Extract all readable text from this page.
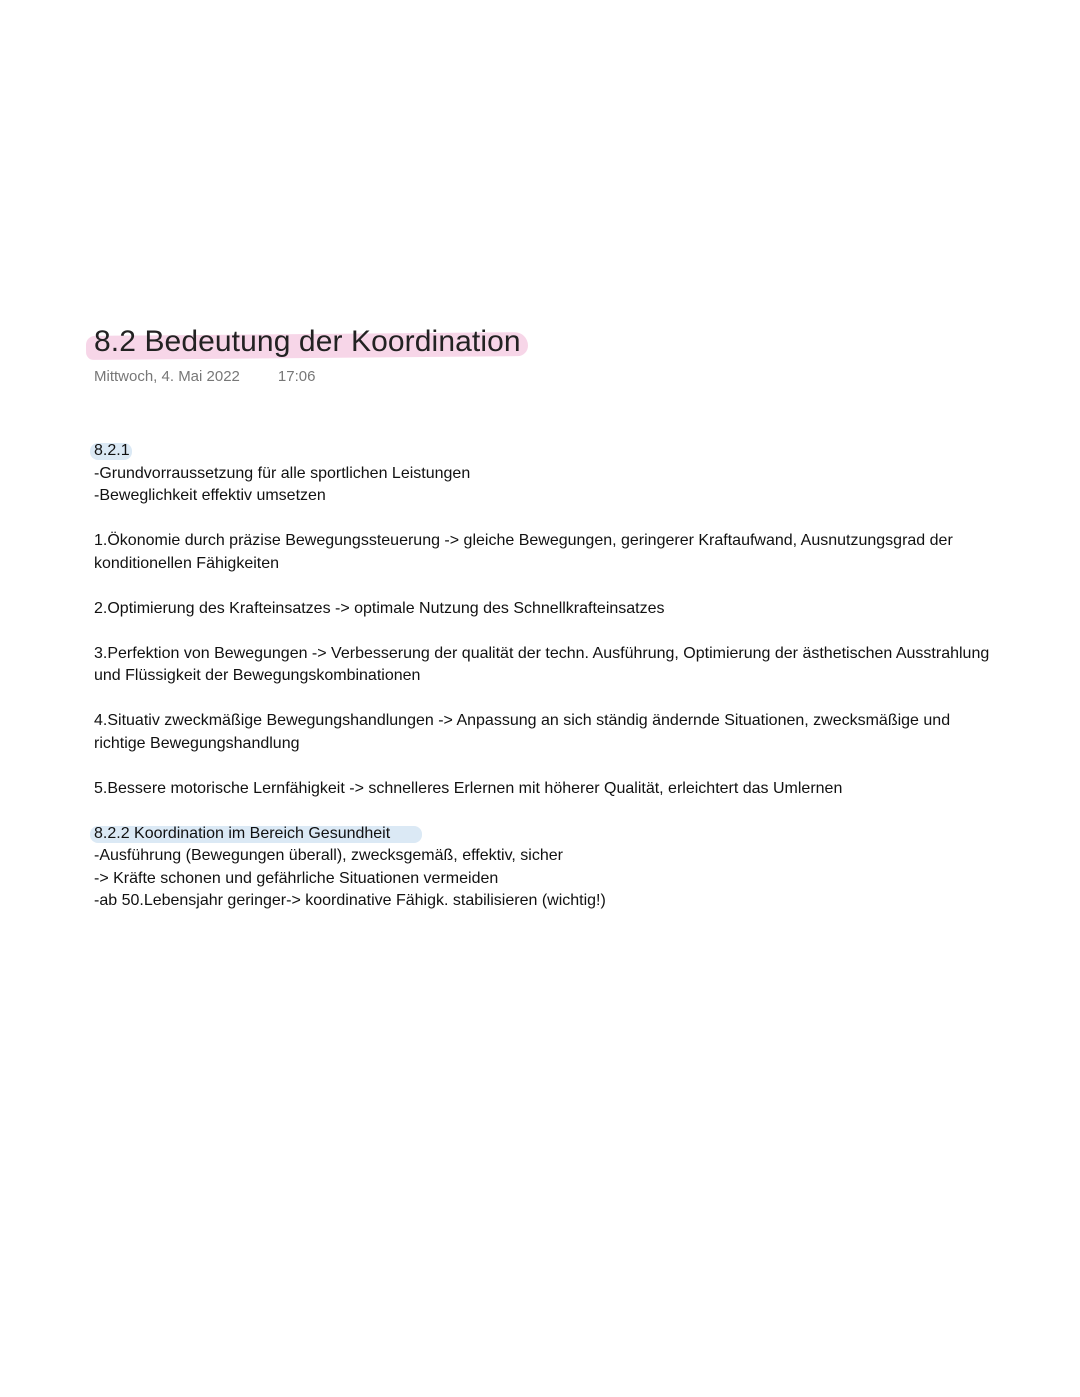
8.2 Bedeutung der Koordination
Mittwoch, 4. Mai 2022	17:06
8.2.1
-Grundvorraussetzung für alle sportlichen Leistungen
-Beweglichkeit effektiv umsetzen
1.Ökonomie durch präzise Bewegungssteuerung -> gleiche Bewegungen, geringerer Kraftaufwand, Ausnutzungsgrad der konditionellen Fähigkeiten
2.Optimierung des Krafteinsatzes -> optimale Nutzung des Schnellkrafteinsatzes
3.Perfektion von Bewegungen -> Verbesserung der qualität der techn. Ausführung, Optimierung der ästhetischen Ausstrahlung und Flüssigkeit der Bewegungskombinationen
4.Situativ zweckmäßige Bewegungshandlungen -> Anpassung an sich ständig ändernde Situationen, zwecksmäßige und richtige Bewegungshandlung
5.Bessere motorische Lernfähigkeit -> schnelleres Erlernen mit höherer Qualität, erleichtert das Umlernen
8.2.2 Koordination im Bereich Gesundheit
-Ausführung (Bewegungen überall), zwecksgemäß, effektiv, sicher
-> Kräfte schonen und gefährliche Situationen vermeiden
-ab 50.Lebensjahr geringer-> koordinative Fähigk. stabilisieren (wichtig!)
